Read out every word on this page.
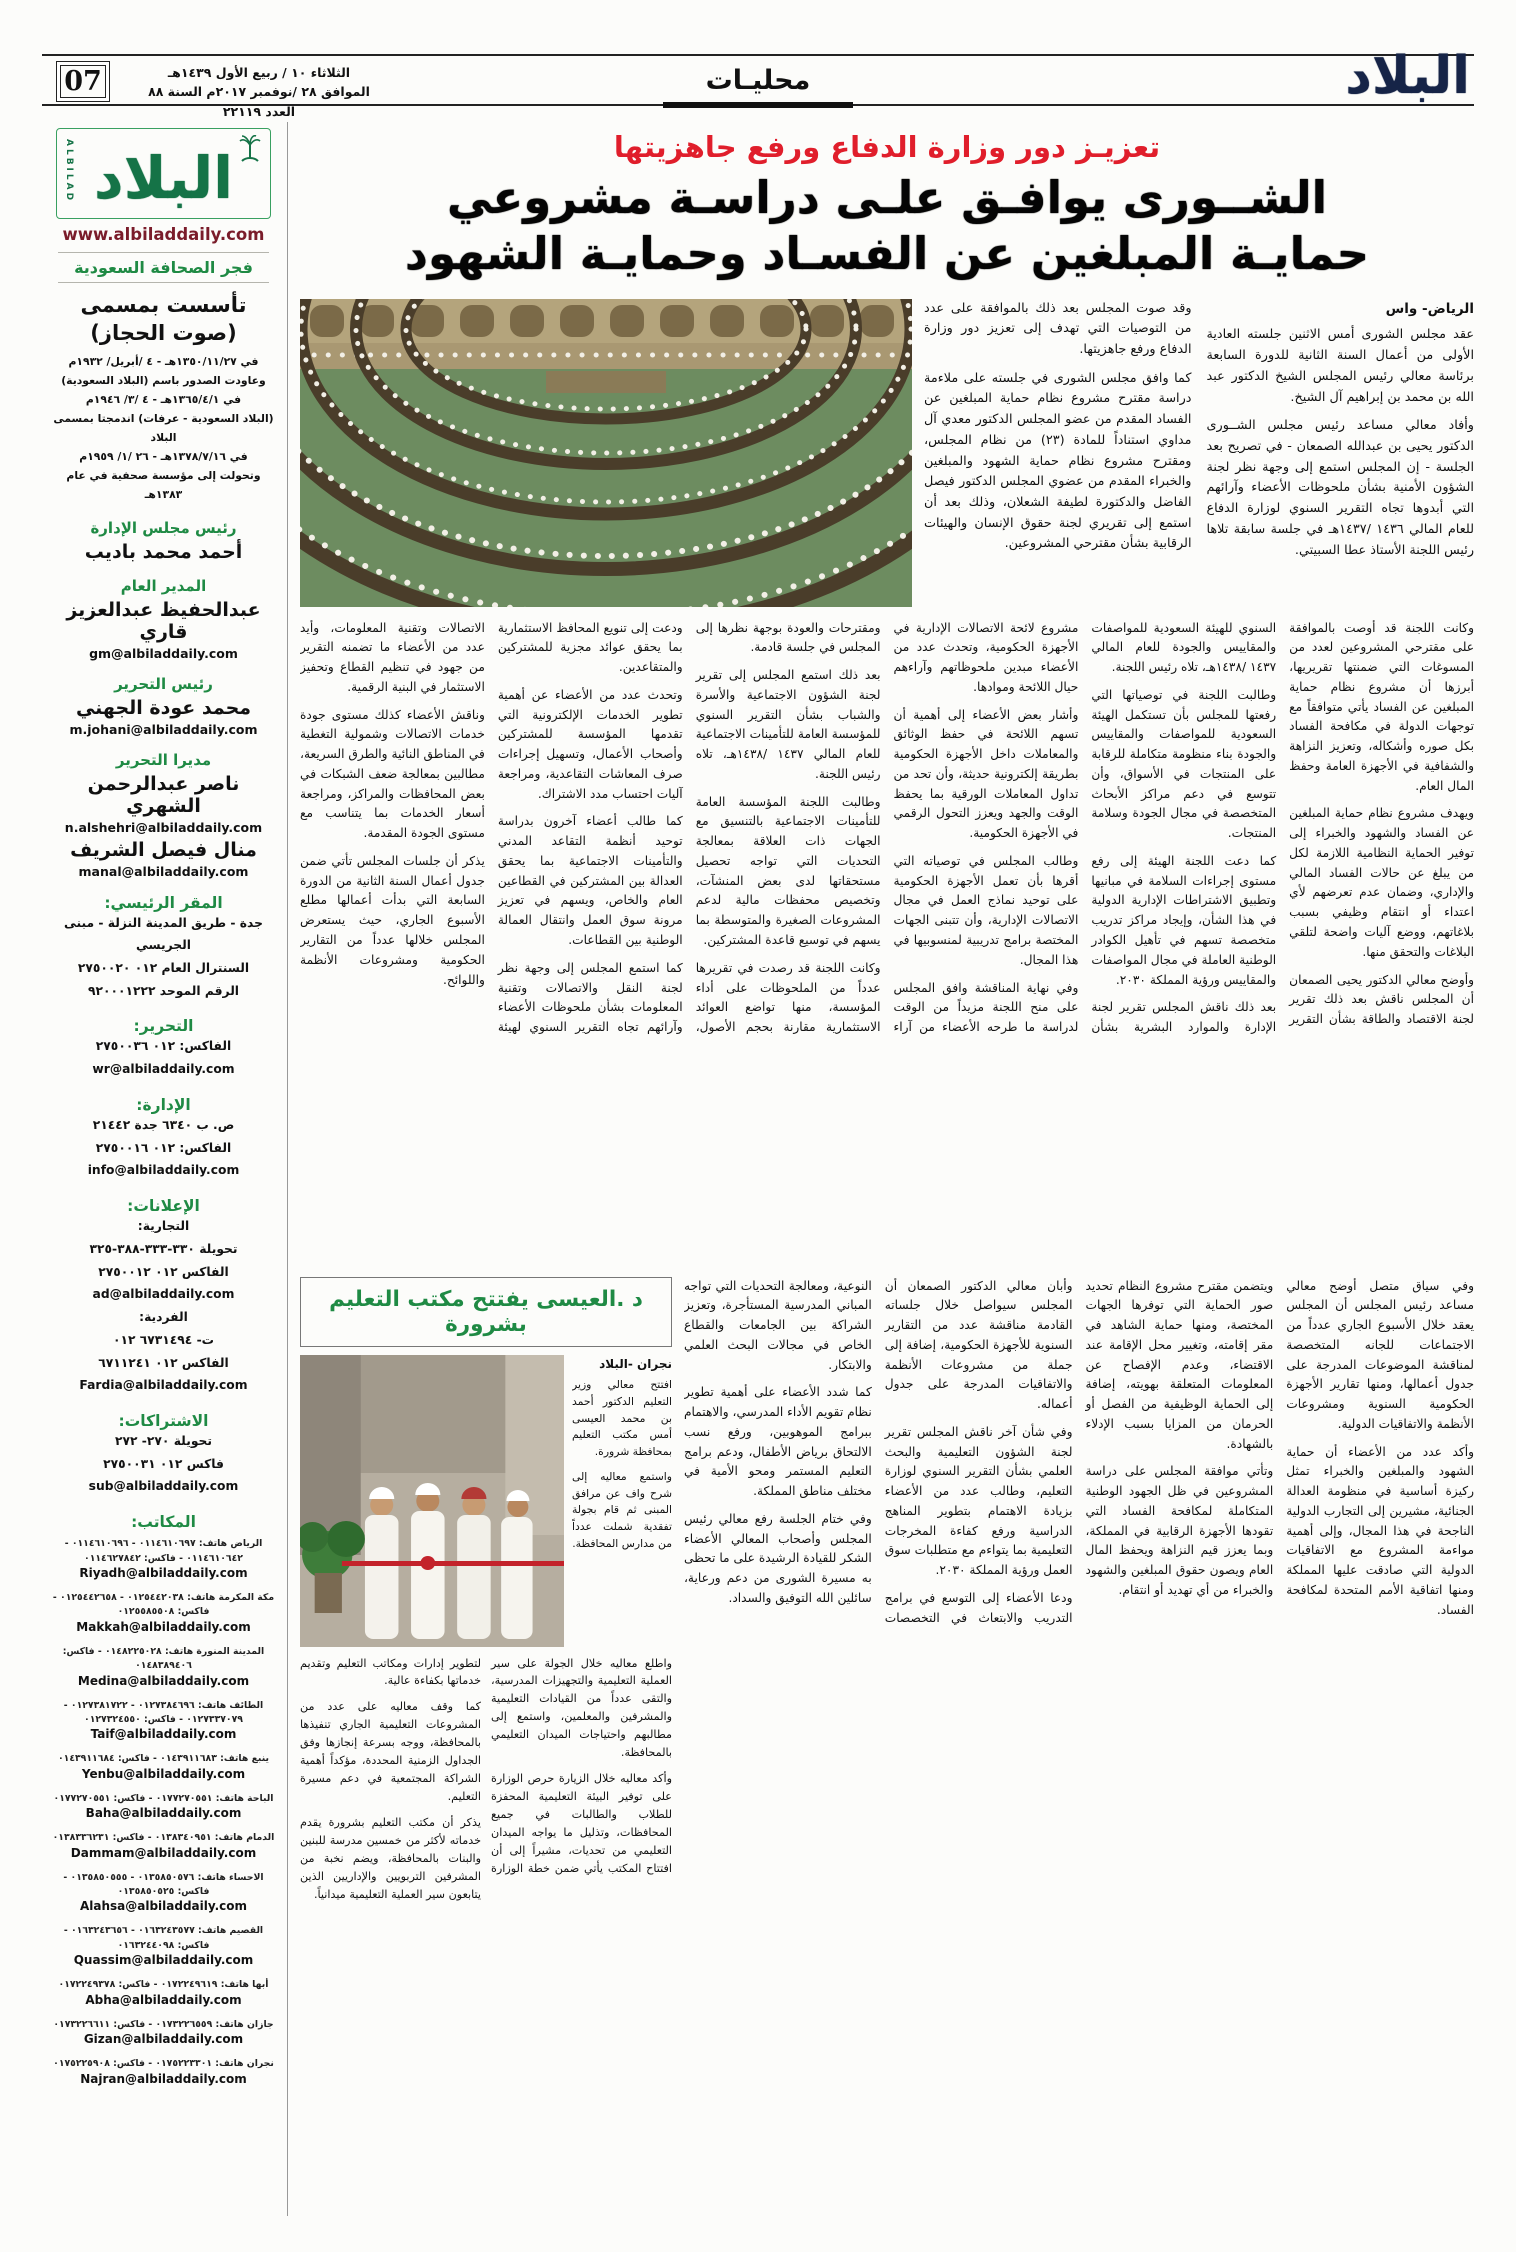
07	الثلاثاء ١٠ / ربيع الأول ١٤٣٩هـ
الموافق ٢٨ /نوفمبر ٢٠١٧م السنة ٨٨ العدد ٢٢١١٩
محليـات	البلاد
ALBILAD البلاد
www.albiladdaily.com
فجر الصحافة السعودية
تأسست بمسمى
(صوت الحجاز)
في ١٣٥٠/١١/٢٧هـ - ٤ /أبريل/ ١٩٣٢م
وعاودت الصدور باسم (البلاد السعودية)
في ١٣٦٥/٤/١هـ - ٤ /٣/ ١٩٤٦م
(البلاد السعودية - عرفات) اندمجتا بمسمى البلاد
في ١٣٧٨/٧/١٦هـ - ٢٦ /١/ ١٩٥٩م
وتحولت إلى مؤسسة صحفية في عام ١٣٨٣هـ
رئيس مجلس الإدارة
أحمد محمد باديب
المدير العام
عبدالحفيظ عبدالعزيز قاري
gm@albiladdaily.com
رئيس التحرير
محمد عودة الجهني
m.johani@albiladdaily.com
مديرا التحرير
ناصر عبدالرحمن الشهري
n.alshehri@albiladdaily.com
منال فيصل الشريف
manal@albiladdaily.com
المقر الرئيسي:
جدة - طريق المدينة النزلة - مبنى الجريسي
السنترال العام ٠١٢ ٢٧٥٠٠٢٠
الرقم الموحد ٩٢٠٠٠١٢٢٢
التحرير:
الفاكس: ٠١٢ ٢٧٥٠٠٣٦
wr@albiladdaily.com
الإدارة:
ص. ب ٦٣٤٠ جدة ٢١٤٤٢
الفاكس: ٠١٢ ٢٧٥٠٠١٦
info@albiladdaily.com
الإعلانات:
التجارية:
تحويلة ٣٣٠-٣٣٣-٣٨٨-٣٢٥
الفاكس ٠١٢ ٢٧٥٠٠١٢
ad@albiladdaily.com
الفردية:
ت- ٦٧٣١٤٩٤ ٠١٢
الفاكس ٠١٢ ٦٧١١٢٤١
Fardia@albiladdaily.com
الاشتراكات:
تحويلة ٢٧٠- ٢٧٢
فاكس ٠١٢ ٢٧٥٠٠٣١
sub@albiladdaily.com
المكاتب:
الرياض هاتف: ٠١١٤٦١٠٦٩٧ - ٠١١٤٦١٠٦٩٦ - ٠١١٤٦١٠٦٤٢ - فاكس: ٠١١٤٦٢٧٨٤٢
Riyadh@albiladdaily.com
مكة المكرمة هاتف: ٠١٢٥٤٤٢٠٣٨ - ٠١٢٥٤٤٢٦٥٨ - فاكس: ٠١٢٥٥٨٥٥٠٨
Makkah@albiladdaily.com
المدينة المنورة هاتف: ٠١٤٨٢٢٥٠٢٨ - فاكس: ٠١٤٨٣٨٩٤٠٦
Medina@albiladdaily.com
الطائف هاتف: ٠١٢٧٣٨٤٦٩٦ - ٠١٢٧٣٨١٧٢٢ - ٠١٢٧٣٣٧٠٧٩ - فاكس: ٠١٢٧٣٢٤٥٥٠
Taif@albiladdaily.com
ينبع هاتف: ٠١٤٣٩١١٦٨٣ - فاكس: ٠١٤٣٩١١٦٨٤
Yenbu@albiladdaily.com
الباحة هاتف: ٠١٧٧٢٧٠٥٥١ - فاكس: ٠١٧٧٢٧٠٥٥١
Baha@albiladdaily.com
الدمام هاتف: ٠١٣٨٣٤٠٩٥١ - فاكس: ٠١٣٨٣٣٦٢٣١
Dammam@albiladdaily.com
الاحساء هاتف: ٠١٣٥٨٥٠٥٧٦ - ٠١٣٥٨٥٠٥٥٥ - فاكس: ٠١٣٥٨٥٠٥٢٥
Alahsa@albiladdaily.com
القصيم هاتف: ٠١٦٣٢٤٣٥٧٧ - ٠١٦٣٢٤٣٦٥٦ - فاكس: ٠١٦٣٢٤٤٠٩٨
Quassim@albiladdaily.com
أبها هاتف: ٠١٧٢٢٤٩٦١٩ - فاكس: ٠١٧٢٢٤٩٣٧٨
Abha@albiladdaily.com
جازان هاتف: ٠١٧٣٢٢٦٥٥٩ - فاكس: ٠١٧٣٢٢٦٦١١
Gizan@albiladdaily.com
نجران هاتف: ٠١٧٥٢٢٣٣٠١ - فاكس: ٠١٧٥٢٢٥٩٠٨
Najran@albiladdaily.com
تعزيـز دور وزارة الدفاع ورفع جاهزيتها
الشــورى يوافـق علـى دراسـة مشروعي
حمايـة المبلغين عن الفسـاد وحمايـة الشهود
الرياض- واس

عقد مجلس الشورى أمس الاثنين جلسته العادية الأولى من أعمال السنة الثانية للدورة السابعة برئاسة معالي رئيس المجلس الشيخ الدكتور عبد الله بن محمد بن إبراهيم آل الشيخ.

وأفاد معالي مساعد رئيس مجلس الشــورى الدكتور يحيى بن عبدالله الصمعان - في تصريح بعد الجلسة - إن المجلس استمع إلى وجهة نظر لجنة الشؤون الأمنية بشأن ملحوظات الأعضاء وآرائهم التي أبدوها تجاه التقرير السنوي لوزارة الدفاع للعام المالي ١٤٣٦ /١٤٣٧هـ في جلسة سابقة تلاها رئيس اللجنة الأستاذ عطا السبيتي.

وقد صوت المجلس بعد ذلك بالموافقة على عدد من التوصيات التي تهدف إلى تعزيز دور وزارة الدفاع ورفع جاهزيتها.

كما وافق مجلس الشورى في جلسته على ملاءمة دراسة مقترح مشروع نظام حماية المبلغين عن الفساد المقدم من عضو المجلس الدكتور معدي آل مداوي استناداً للمادة (٢٣) من نظام المجلس، ومقترح مشروع نظام حماية الشهود والمبلغين والخبراء المقدم من عضوي المجلس الدكتور فيصل الفاضل والدكتورة لطيفة الشعلان، وذلك بعد أن استمع إلى تقريري لجنة حقوق الإنسان والهيئات الرقابية بشأن مقترحي المشروعين.

وكانت اللجنة قد أوصت بالموافقة على مقترحي المشروعين لعدد من المسوغات التي ضمنتها تقريريها، أبرزها أن مشروع نظام حماية المبلغين عن الفساد يأتي متوافقاً مع توجهات الدولة في مكافحة الفساد بكل صوره وأشكاله، وتعزيز النزاهة والشفافية في الأجهزة العامة وحفظ المال العام.

ويهدف مشروع نظام حماية المبلغين عن الفساد والشهود والخبراء إلى توفير الحماية النظامية اللازمة لكل من يبلغ عن حالات الفساد المالي والإداري، وضمان عدم تعرضهم لأي اعتداء أو انتقام وظيفي بسبب بلاغاتهم، ووضع آليات واضحة لتلقي البلاغات والتحقق منها.

وأوضح معالي الدكتور يحيى الصمعان أن المجلس ناقش بعد ذلك تقرير لجنة الاقتصاد والطاقة بشأن التقرير السنوي للهيئة السعودية للمواصفات والمقاييس والجودة للعام المالي ١٤٣٧ /١٤٣٨هـ، تلاه رئيس اللجنة.

وطالبت اللجنة في توصياتها التي رفعتها للمجلس بأن تستكمل الهيئة السعودية للمواصفات والمقاييس والجودة بناء منظومة متكاملة للرقابة على المنتجات في الأسواق، وأن تتوسع في دعم مراكز الأبحاث المتخصصة في مجال الجودة وسلامة المنتجات.

كما دعت اللجنة الهيئة إلى رفع مستوى إجراءات السلامة في مبانيها وتطبيق الاشتراطات الإدارية الدولية في هذا الشأن، وإيجاد مراكز تدريب متخصصة تسهم في تأهيل الكوادر الوطنية العاملة في مجال المواصفات والمقاييس ورؤية المملكة ٢٠٣٠.

بعد ذلك ناقش المجلس تقرير لجنة الإدارة والموارد البشرية بشأن مشروع لائحة الاتصالات الإدارية في الأجهزة الحكومية، وتحدث عدد من الأعضاء مبدين ملحوظاتهم وآراءهم حيال اللائحة وموادها.

وأشار بعض الأعضاء إلى أهمية أن تسهم اللائحة في حفظ الوثائق والمعاملات داخل الأجهزة الحكومية بطريقة إلكترونية حديثة، وأن تحد من تداول المعاملات الورقية بما يحفظ الوقت والجهد ويعزز التحول الرقمي في الأجهزة الحكومية.

وطالب المجلس في توصياته التي أقرها بأن تعمل الأجهزة الحكومية على توحيد نماذج العمل في مجال الاتصالات الإدارية، وأن تتبنى الجهات المختصة برامج تدريبية لمنسوبيها في هذا المجال.

وفي نهاية المناقشة وافق المجلس على منح اللجنة مزيداً من الوقت لدراسة ما طرحه الأعضاء من آراء ومقترحات والعودة بوجهة نظرها إلى المجلس في جلسة قادمة.

بعد ذلك استمع المجلس إلى تقرير لجنة الشؤون الاجتماعية والأسرة والشباب بشأن التقرير السنوي للمؤسسة العامة للتأمينات الاجتماعية للعام المالي ١٤٣٧ /١٤٣٨هـ، تلاه رئيس اللجنة.

وطالبت اللجنة المؤسسة العامة للتأمينات الاجتماعية بالتنسيق مع الجهات ذات العلاقة بمعالجة التحديات التي تواجه تحصيل مستحقاتها لدى بعض المنشآت، وتخصيص محفظات مالية لدعم المشروعات الصغيرة والمتوسطة بما يسهم في توسيع قاعدة المشتركين.

وكانت اللجنة قد رصدت في تقريرها عدداً من الملحوظات على أداء المؤسسة، منها تواضع العوائد الاستثمارية مقارنة بحجم الأصول، ودعت إلى تنويع المحافظ الاستثمارية بما يحقق عوائد مجزية للمشتركين والمتقاعدين.

وتحدث عدد من الأعضاء عن أهمية تطوير الخدمات الإلكترونية التي تقدمها المؤسسة للمشتركين وأصحاب الأعمال، وتسهيل إجراءات صرف المعاشات التقاعدية، ومراجعة آليات احتساب مدد الاشتراك.

كما طالب أعضاء آخرون بدراسة توحيد أنظمة التقاعد المدني والتأمينات الاجتماعية بما يحقق العدالة بين المشتركين في القطاعين العام والخاص، ويسهم في تعزيز مرونة سوق العمل وانتقال العمالة الوطنية بين القطاعات.

كما استمع المجلس إلى وجهة نظر لجنة النقل والاتصالات وتقنية المعلومات بشأن ملحوظات الأعضاء وآرائهم تجاه التقرير السنوي لهيئة الاتصالات وتقنية المعلومات، وأيد عدد من الأعضاء ما تضمنه التقرير من جهود في تنظيم القطاع وتحفيز الاستثمار في البنية الرقمية.

وناقش الأعضاء كذلك مستوى جودة خدمات الاتصالات وشمولية التغطية في المناطق النائية والطرق السريعة، مطالبين بمعالجة ضعف الشبكات في بعض المحافظات والمراكز، ومراجعة أسعار الخدمات بما يتناسب مع مستوى الجودة المقدمة.

يذكر أن جلسات المجلس تأتي ضمن جدول أعمال السنة الثانية من الدورة السابعة التي بدأت أعمالها مطلع الأسبوع الجاري، حيث يستعرض المجلس خلالها عدداً من التقارير الحكومية ومشروعات الأنظمة واللوائح.

وفي سياق متصل أوضح معالي مساعد رئيس المجلس أن المجلس يعقد خلال الأسبوع الجاري عدداً من الاجتماعات للجانه المتخصصة لمناقشة الموضوعات المدرجة على جدول أعمالها، ومنها تقارير الأجهزة الحكومية السنوية ومشروعات الأنظمة والاتفاقيات الدولية.

وأكد عدد من الأعضاء أن حماية الشهود والمبلغين والخبراء تمثل ركيزة أساسية في منظومة العدالة الجنائية، مشيرين إلى التجارب الدولية الناجحة في هذا المجال، وإلى أهمية مواءمة المشروع مع الاتفاقيات الدولية التي صادقت عليها المملكة ومنها اتفاقية الأمم المتحدة لمكافحة الفساد.

ويتضمن مقترح مشروع النظام تحديد صور الحماية التي توفرها الجهات المختصة، ومنها حماية الشاهد في مقر إقامته، وتغيير محل الإقامة عند الاقتضاء، وعدم الإفصاح عن المعلومات المتعلقة بهويته، إضافة إلى الحماية الوظيفية من الفصل أو الحرمان من المزايا بسبب الإدلاء بالشهادة.

وتأتي موافقة المجلس على دراسة المشروعين في ظل الجهود الوطنية المتكاملة لمكافحة الفساد التي تقودها الأجهزة الرقابية في المملكة، وبما يعزز قيم النزاهة ويحفظ المال العام ويصون حقوق المبلغين والشهود والخبراء من أي تهديد أو انتقام.

وأبان معالي الدكتور الصمعان أن المجلس سيواصل خلال جلساته القادمة مناقشة عدد من التقارير السنوية للأجهزة الحكومية، إضافة إلى جملة من مشروعات الأنظمة والاتفاقيات المدرجة على جدول أعماله.

وفي شأن آخر ناقش المجلس تقرير لجنة الشؤون التعليمية والبحث العلمي بشأن التقرير السنوي لوزارة التعليم، وطالب عدد من الأعضاء بزيادة الاهتمام بتطوير المناهج الدراسية ورفع كفاءة المخرجات التعليمية بما يتواءم مع متطلبات سوق العمل ورؤية المملكة ٢٠٣٠.

ودعا الأعضاء إلى التوسع في برامج التدريب والابتعاث في التخصصات النوعية، ومعالجة التحديات التي تواجه المباني المدرسية المستأجرة، وتعزيز الشراكة بين الجامعات والقطاع الخاص في مجالات البحث العلمي والابتكار.

كما شدد الأعضاء على أهمية تطوير نظام تقويم الأداء المدرسي، والاهتمام ببرامج الموهوبين، ورفع نسب الالتحاق برياض الأطفال، ودعم برامج التعليم المستمر ومحو الأمية في مختلف مناطق المملكة.

وفي ختام الجلسة رفع معالي رئيس المجلس وأصحاب المعالي الأعضاء الشكر للقيادة الرشيدة على ما تحظى به مسيرة الشورى من دعم ورعاية، سائلين الله التوفيق والسداد.

د .العيسى يفتتح مكتب التعليم بشرورة
نجران -البلاد

افتتح معالي وزير التعليم الدكتور أحمد بن محمد العيسى أمس مكتب التعليم بمحافظة شرورة.

واستمع معاليه إلى شرح واف عن مرافق المبنى ثم قام بجولة تفقدية شملت عدداً من مدارس المحافظة.

واطلع معاليه خلال الجولة على سير العملية التعليمية والتجهيزات المدرسية، والتقى عدداً من القيادات التعليمية والمشرفين والمعلمين، واستمع إلى مطالبهم واحتياجات الميدان التعليمي بالمحافظة.

وأكد معاليه خلال الزيارة حرص الوزارة على توفير البيئة التعليمية المحفزة للطلاب والطالبات في جميع المحافظات، وتذليل ما يواجه الميدان التعليمي من تحديات، مشيراً إلى أن افتتاح المكتب يأتي ضمن خطة الوزارة لتطوير إدارات ومكاتب التعليم وتقديم خدماتها بكفاءة عالية.

كما وقف معاليه على عدد من المشروعات التعليمية الجاري تنفيذها بالمحافظة، ووجه بسرعة إنجازها وفق الجداول الزمنية المحددة، مؤكداً أهمية الشراكة المجتمعية في دعم مسيرة التعليم.

يذكر أن مكتب التعليم بشرورة يقدم خدماته لأكثر من خمسين مدرسة للبنين والبنات بالمحافظة، ويضم نخبة من المشرفين التربويين والإداريين الذين يتابعون سير العملية التعليمية ميدانياً.
